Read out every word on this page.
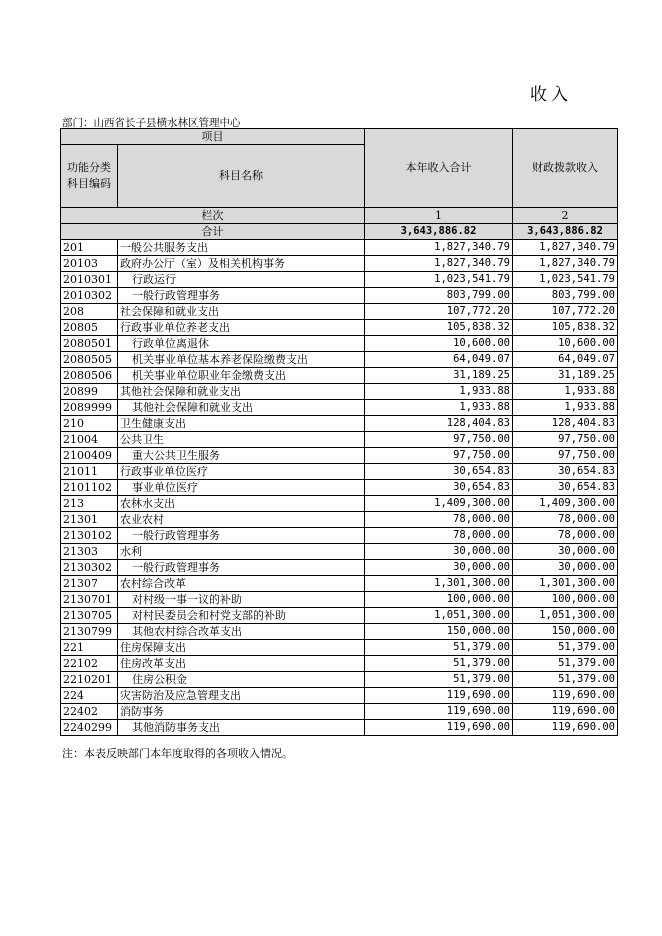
收入
部门：山西省长子县横水林区管理中心
项目		本年收入合计	财政拨款收入
功能分类
科目编码	科目名称		
栏次		1	2
合计		3,643,886.82	3,643,886.82
201	一般公共服务支出	1,827,340.79	1,827,340.79
20103	政府办公厅（室）及相关机构事务	1,827,340.79	1,827,340.79
2010301	行政运行	1,023,541.79	1,023,541.79
2010302	一般行政管理事务	803,799.00	803,799.00
208	社会保障和就业支出	107,772.20	107,772.20
20805	行政事业单位养老支出	105,838.32	105,838.32
2080501	行政单位离退休	10,600.00	10,600.00
2080505	机关事业单位基本养老保险缴费支出	64,049.07	64,049.07
2080506	机关事业单位职业年金缴费支出	31,189.25	31,189.25
20899	其他社会保障和就业支出	1,933.88	1,933.88
2089999	其他社会保障和就业支出	1,933.88	1,933.88
210	卫生健康支出	128,404.83	128,404.83
21004	公共卫生	97,750.00	97,750.00
2100409	重大公共卫生服务	97,750.00	97,750.00
21011	行政事业单位医疗	30,654.83	30,654.83
2101102	事业单位医疗	30,654.83	30,654.83
213	农林水支出	1,409,300.00	1,409,300.00
21301	农业农村	78,000.00	78,000.00
2130102	一般行政管理事务	78,000.00	78,000.00
21303	水利	30,000.00	30,000.00
2130302	一般行政管理事务	30,000.00	30,000.00
21307	农村综合改革	1,301,300.00	1,301,300.00
2130701	对村级一事一议的补助	100,000.00	100,000.00
2130705	对村民委员会和村党支部的补助	1,051,300.00	1,051,300.00
2130799	其他农村综合改革支出	150,000.00	150,000.00
221	住房保障支出	51,379.00	51,379.00
22102	住房改革支出	51,379.00	51,379.00
2210201	住房公积金	51,379.00	51,379.00
224	灾害防治及应急管理支出	119,690.00	119,690.00
22402	消防事务	119,690.00	119,690.00
2240299	其他消防事务支出	119,690.00	119,690.00
注：本表反映部门本年度取得的各项收入情况。
